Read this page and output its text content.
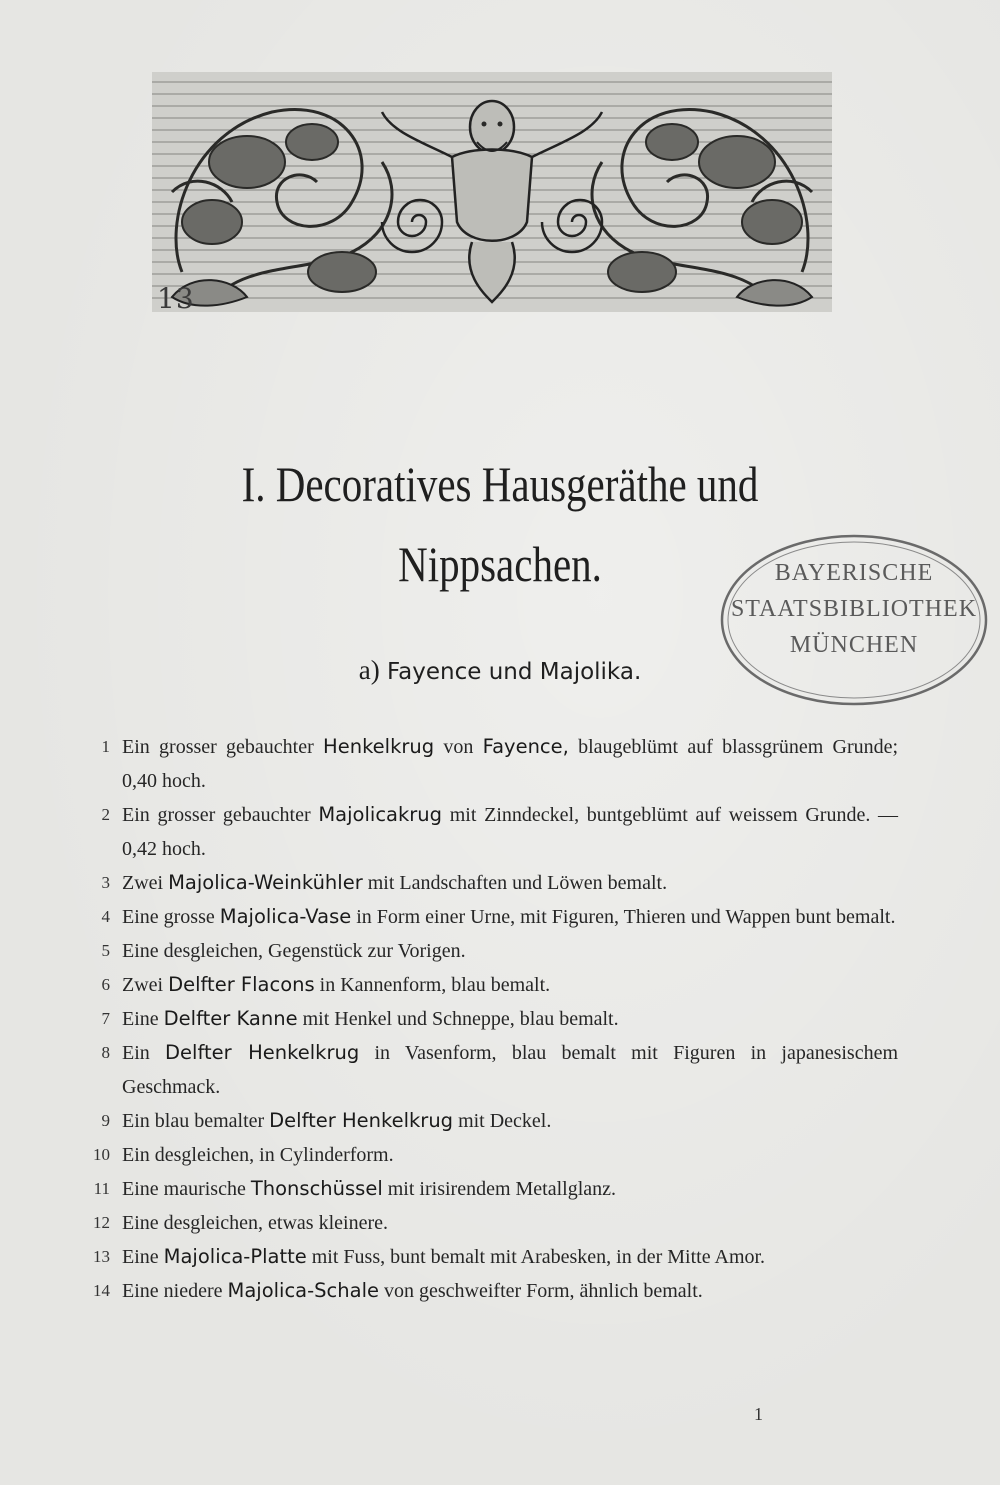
13
I. Decoratives Hausgeräthe und
Nippsachen.
a) Fayence und Majolika.
BAYERISCHE
STAATSBIBLIOTHEK
MÜNCHEN
1 Ein grosser gebauchter Henkelkrug von Fayence, blaugeblümt auf blassgrünem Grunde; 0,40 hoch.
2 Ein grosser gebauchter Majolicakrug mit Zinndeckel, buntgeblümt auf weissem Grunde. — 0,42 hoch.
3 Zwei Majolica-Weinkühler mit Landschaften und Löwen bemalt.
4 Eine grosse Majolica-Vase in Form einer Urne, mit Figuren, Thieren und Wappen bunt bemalt.
5 Eine desgleichen, Gegenstück zur Vorigen.
6 Zwei Delfter Flacons in Kannenform, blau bemalt.
7 Eine Delfter Kanne mit Henkel und Schneppe, blau bemalt.
8 Ein Delfter Henkelkrug in Vasenform, blau bemalt mit Figuren in japanesischem Geschmack.
9 Ein blau bemalter Delfter Henkelkrug mit Deckel.
10 Ein desgleichen, in Cylinderform.
11 Eine maurische Thonschüssel mit irisirendem Metallglanz.
12 Eine desgleichen, etwas kleinere.
13 Eine Majolica-Platte mit Fuss, bunt bemalt mit Arabesken, in der Mitte Amor.
14 Eine niedere Majolica-Schale von geschweifter Form, ähnlich bemalt.
1
